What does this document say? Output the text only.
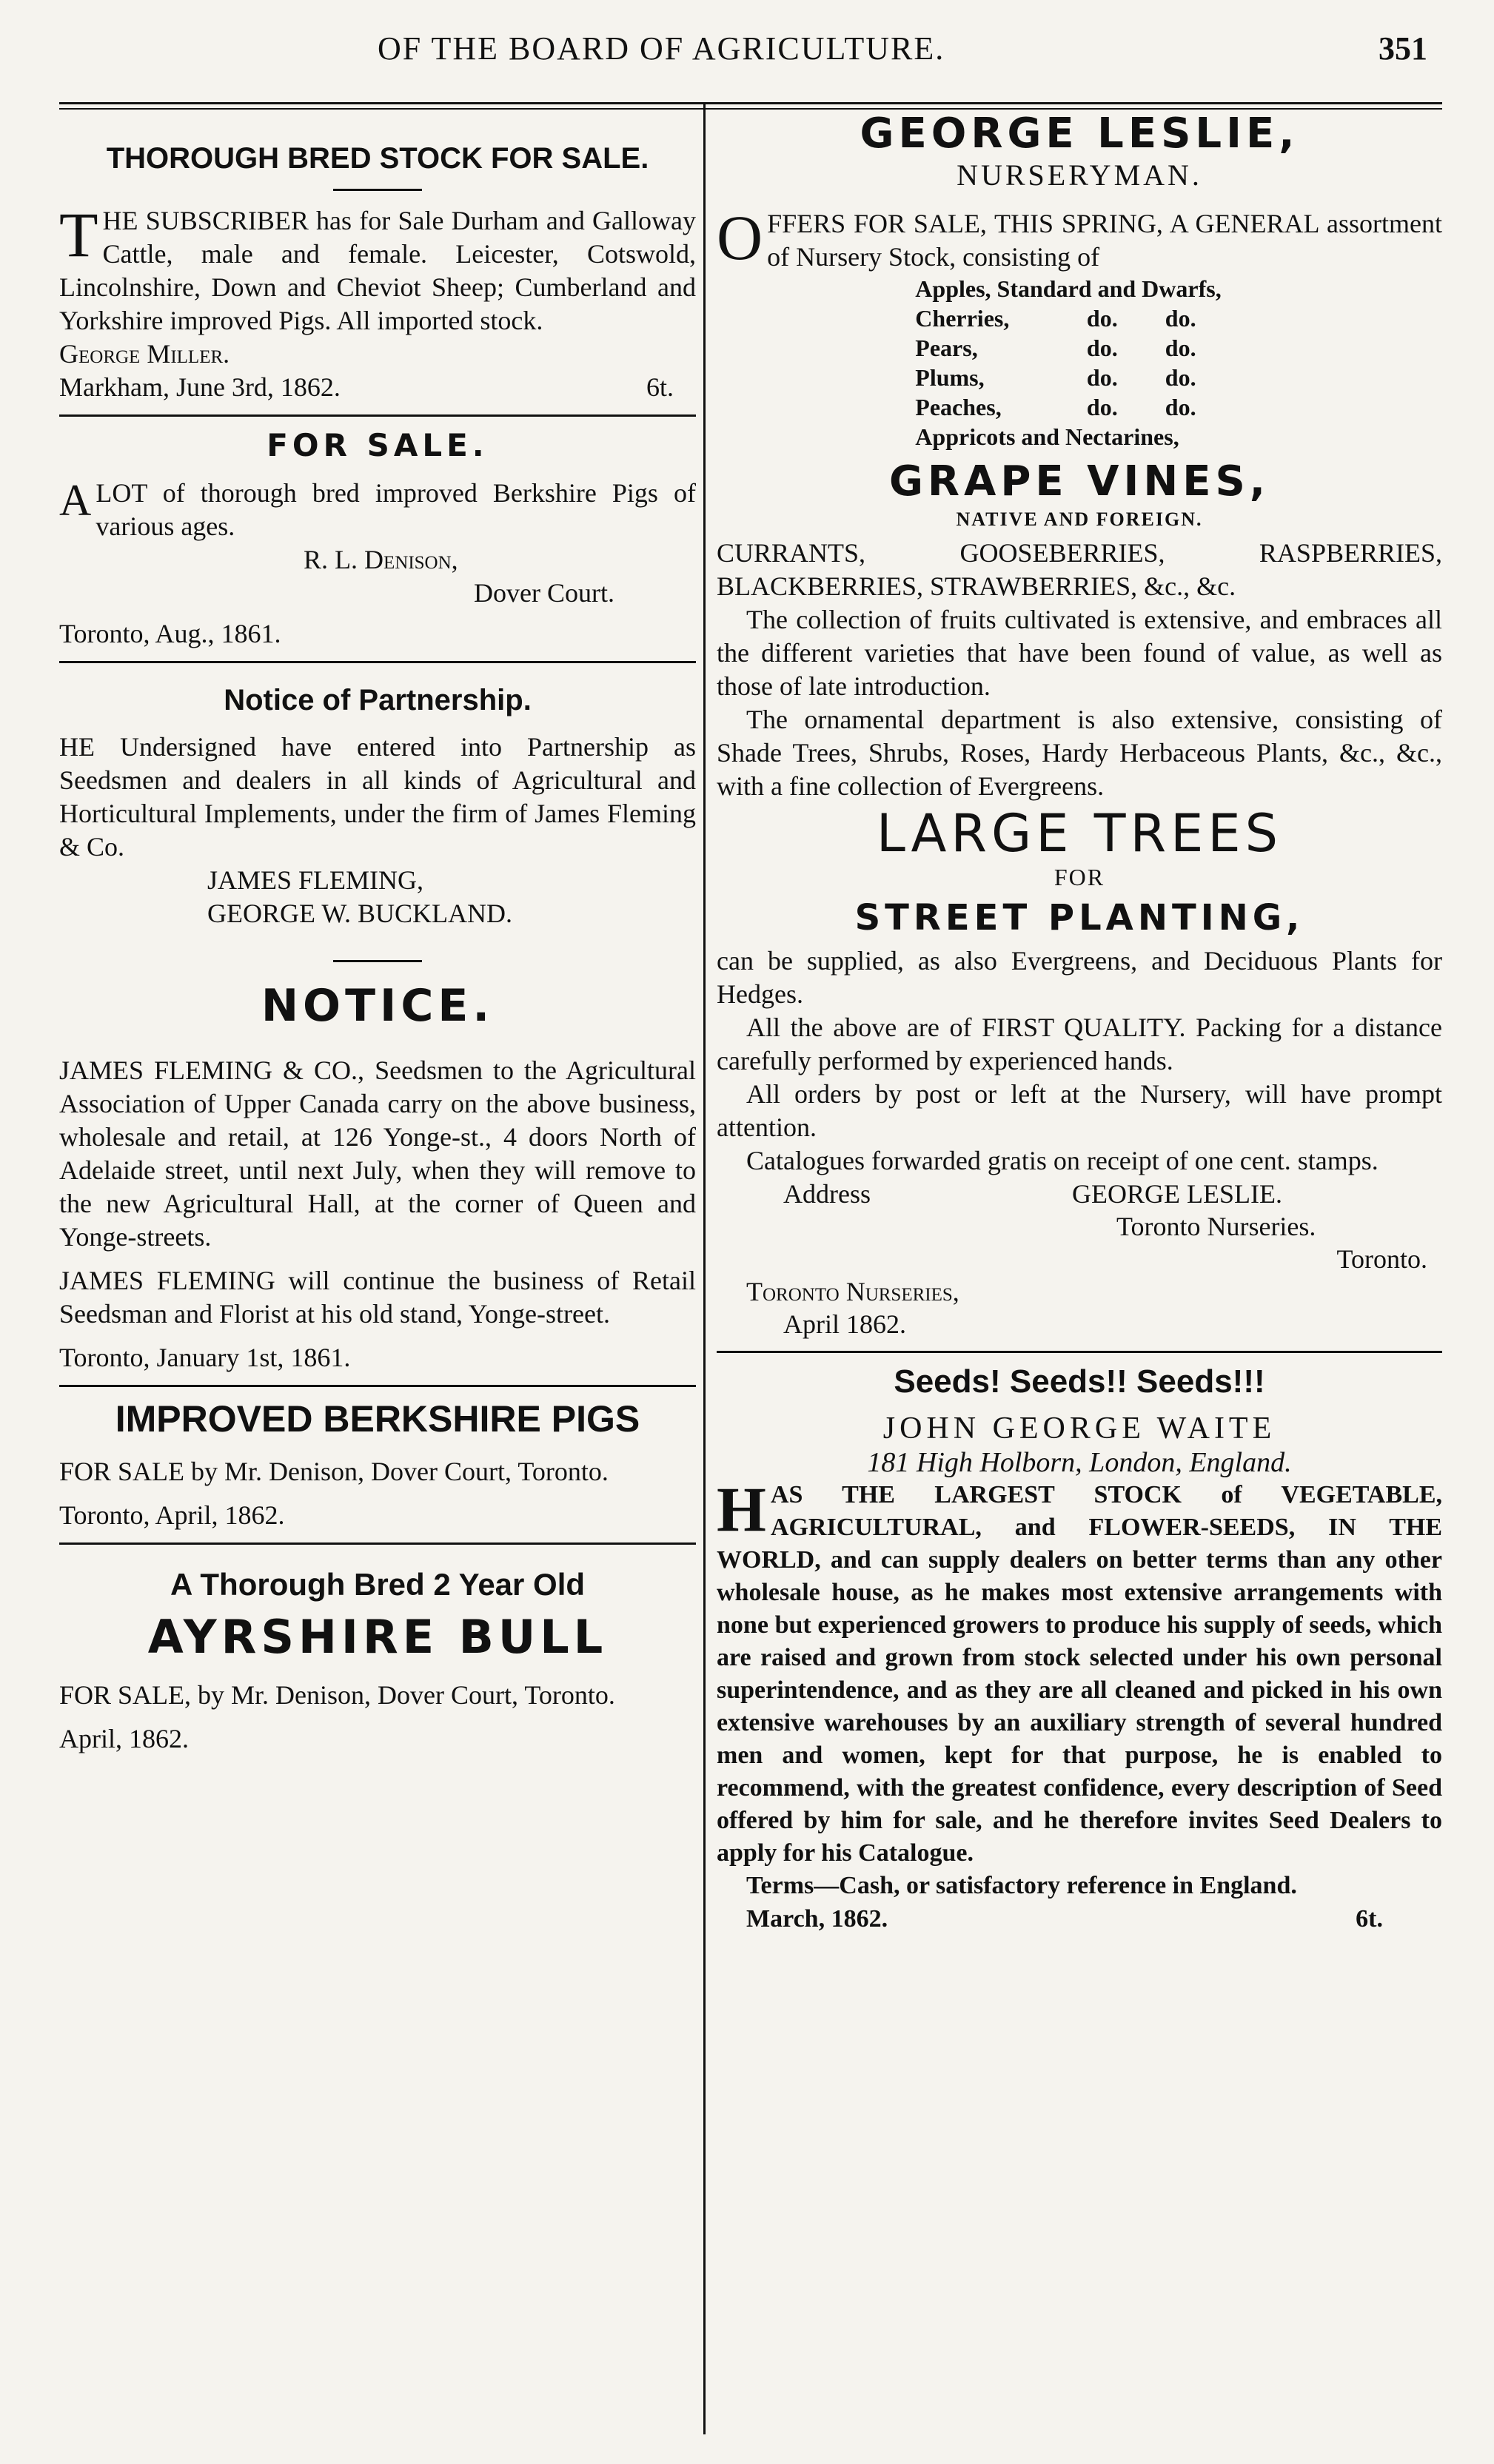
OF THE BOARD OF AGRICULTURE.	351

THOROUGH BRED STOCK FOR SALE.

THE SUBSCRIBER has for Sale Durham and Galloway Cattle, male and female. Leicester, Cotswold, Lincolnshire, Down and Cheviot Sheep; Cumberland and Yorkshire improved Pigs. All imported stock.

George Miller.

Markham, June 3rd, 1862.	6t.

FOR SALE.

ALOT of thorough bred improved Berkshire Pigs of various ages.

R. L. Denison,

Dover Court.

Toronto, Aug., 1861.

Notice of Partnership.

HE Undersigned have entered into Partnership as Seedsmen and dealers in all kinds of Agricultural and Horticultural Implements, under the firm of James Fleming & Co.

JAMES FLEMING,

GEORGE W. BUCKLAND.

NOTICE.

JAMES FLEMING & CO., Seedsmen to the Agricultural Association of Upper Canada carry on the above business, wholesale and retail, at 126 Yonge-st., 4 doors North of Adelaide street, until next July, when they will remove to the new Agricultural Hall, at the corner of Queen and Yonge-streets.

JAMES FLEMING will continue the business of Retail Seedsman and Florist at his old stand, Yonge-street.

Toronto, January 1st, 1861.

IMPROVED BERKSHIRE PIGS

FOR SALE by Mr. Denison, Dover Court, Toronto.

Toronto, April, 1862.

A Thorough Bred 2 Year Old

AYRSHIRE BULL

FOR SALE, by Mr. Denison, Dover Court, Toronto.

April, 1862.

GEORGE LESLIE,

NURSERYMAN.

OFFERS FOR SALE, THIS SPRING, A GENERAL assortment of Nursery Stock, consisting of

Apples, Standard and Dwarfs,		
Cherries,	do.	do.
Pears,	do.	do.
Plums,	do.	do.
Peaches,	do.	do.
Appricots and Nectarines,		

GRAPE VINES,

NATIVE AND FOREIGN.

CURRANTS, GOOSEBERRIES, RASPBERRIES, BLACKBERRIES, STRAWBERRIES, &c., &c.

The collection of fruits cultivated is extensive, and embraces all the different varieties that have been found of value, as well as those of late introduction.

The ornamental department is also extensive, consisting of Shade Trees, Shrubs, Roses, Hardy Herbaceous Plants, &c., &c., with a fine collection of Evergreens.

LARGE TREES

FOR

STREET PLANTING,

can be supplied, as also Evergreens, and Deciduous Plants for Hedges.

All the above are of FIRST QUALITY. Packing for a distance carefully performed by experienced hands.

All orders by post or left at the Nursery, will have prompt attention.

Catalogues forwarded gratis on receipt of one cent. stamps.

Address	GEORGE LESLIE.
Toronto Nurseries.
Toronto.

Toronto Nurseries,

April 1862.

Seeds! Seeds!! Seeds!!!

JOHN GEORGE WAITE

181 High Holborn, London, England.

HAS THE LARGEST STOCK of VEGETABLE, AGRICULTURAL, and FLOWER-SEEDS, IN THE WORLD, and can supply dealers on better terms than any other wholesale house, as he makes most extensive arrangements with none but experienced growers to produce his supply of seeds, which are raised and grown from stock selected under his own personal superintendence, and as they are all cleaned and picked in his own extensive warehouses by an auxiliary strength of several hundred men and women, kept for that purpose, he is enabled to recommend, with the greatest confidence, every description of Seed offered by him for sale, and he therefore invites Seed Dealers to apply for his Catalogue.

Terms—Cash, or satisfactory reference in England.

March, 1862.	6t.
